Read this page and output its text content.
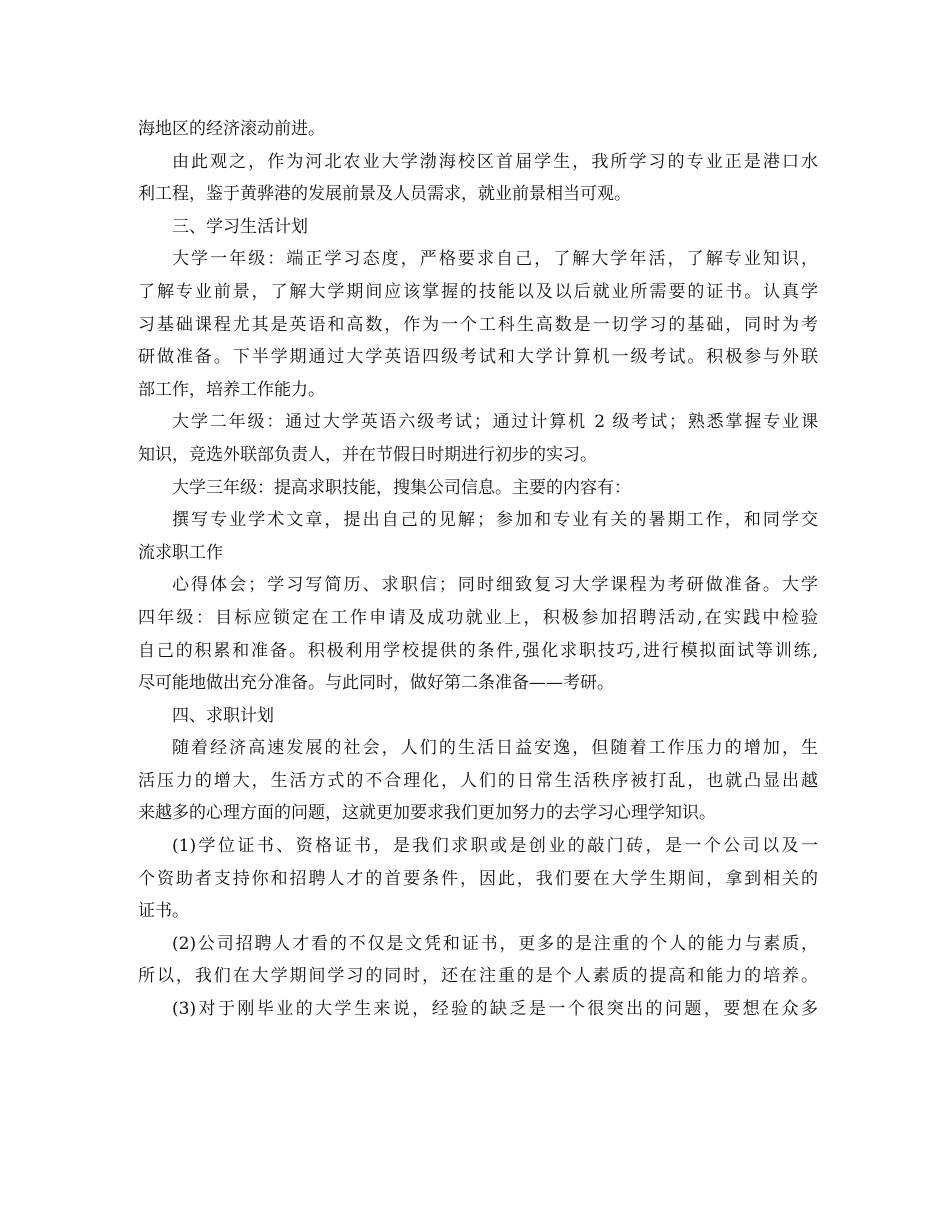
海地区的经济滚动前进。
由此观之，作为河北农业大学渤海校区首届学生，我所学习的专业正是港口水
利工程，鉴于黄骅港的发展前景及人员需求，就业前景相当可观。
三、学习生活计划
大学一年级：端正学习态度，严格要求自己，了解大学年活，了解专业知识，
了解专业前景，了解大学期间应该掌握的技能以及以后就业所需要的证书。认真学
习基础课程尤其是英语和高数，作为一个工科生高数是一切学习的基础，同时为考
研做准备。下半学期通过大学英语四级考试和大学计算机一级考试。积极参与外联
部工作，培养工作能力。
大学二年级：通过大学英语六级考试；通过计算机 2 级考试；熟悉掌握专业课
知识，竞选外联部负责人，并在节假日时期进行初步的实习。
大学三年级：提高求职技能，搜集公司信息。主要的内容有：
撰写专业学术文章，提出自己的见解；参加和专业有关的暑期工作，和同学交
流求职工作
心得体会；学习写简历、求职信；同时细致复习大学课程为考研做准备。大学
四年级：目标应锁定在工作申请及成功就业上，积极参加招聘活动,在实践中检验
自己的积累和准备。积极利用学校提供的条件,强化求职技巧,进行模拟面试等训练,
尽可能地做出充分准备。与此同时，做好第二条准备——考研。
四、求职计划
随着经济高速发展的社会，人们的生活日益安逸，但随着工作压力的增加，生
活压力的增大，生活方式的不合理化，人们的日常生活秩序被打乱，也就凸显出越
来越多的心理方面的问题，这就更加要求我们更加努力的去学习心理学知识。
(1)学位证书、资格证书，是我们求职或是创业的敲门砖，是一个公司以及一
个资助者支持你和招聘人才的首要条件，因此，我们要在大学生期间，拿到相关的
证书。
(2)公司招聘人才看的不仅是文凭和证书，更多的是注重的个人的能力与素质，
所以，我们在大学期间学习的同时，还在注重的是个人素质的提高和能力的培养。
(3)对于刚毕业的大学生来说，经验的缺乏是一个很突出的问题，要想在众多
